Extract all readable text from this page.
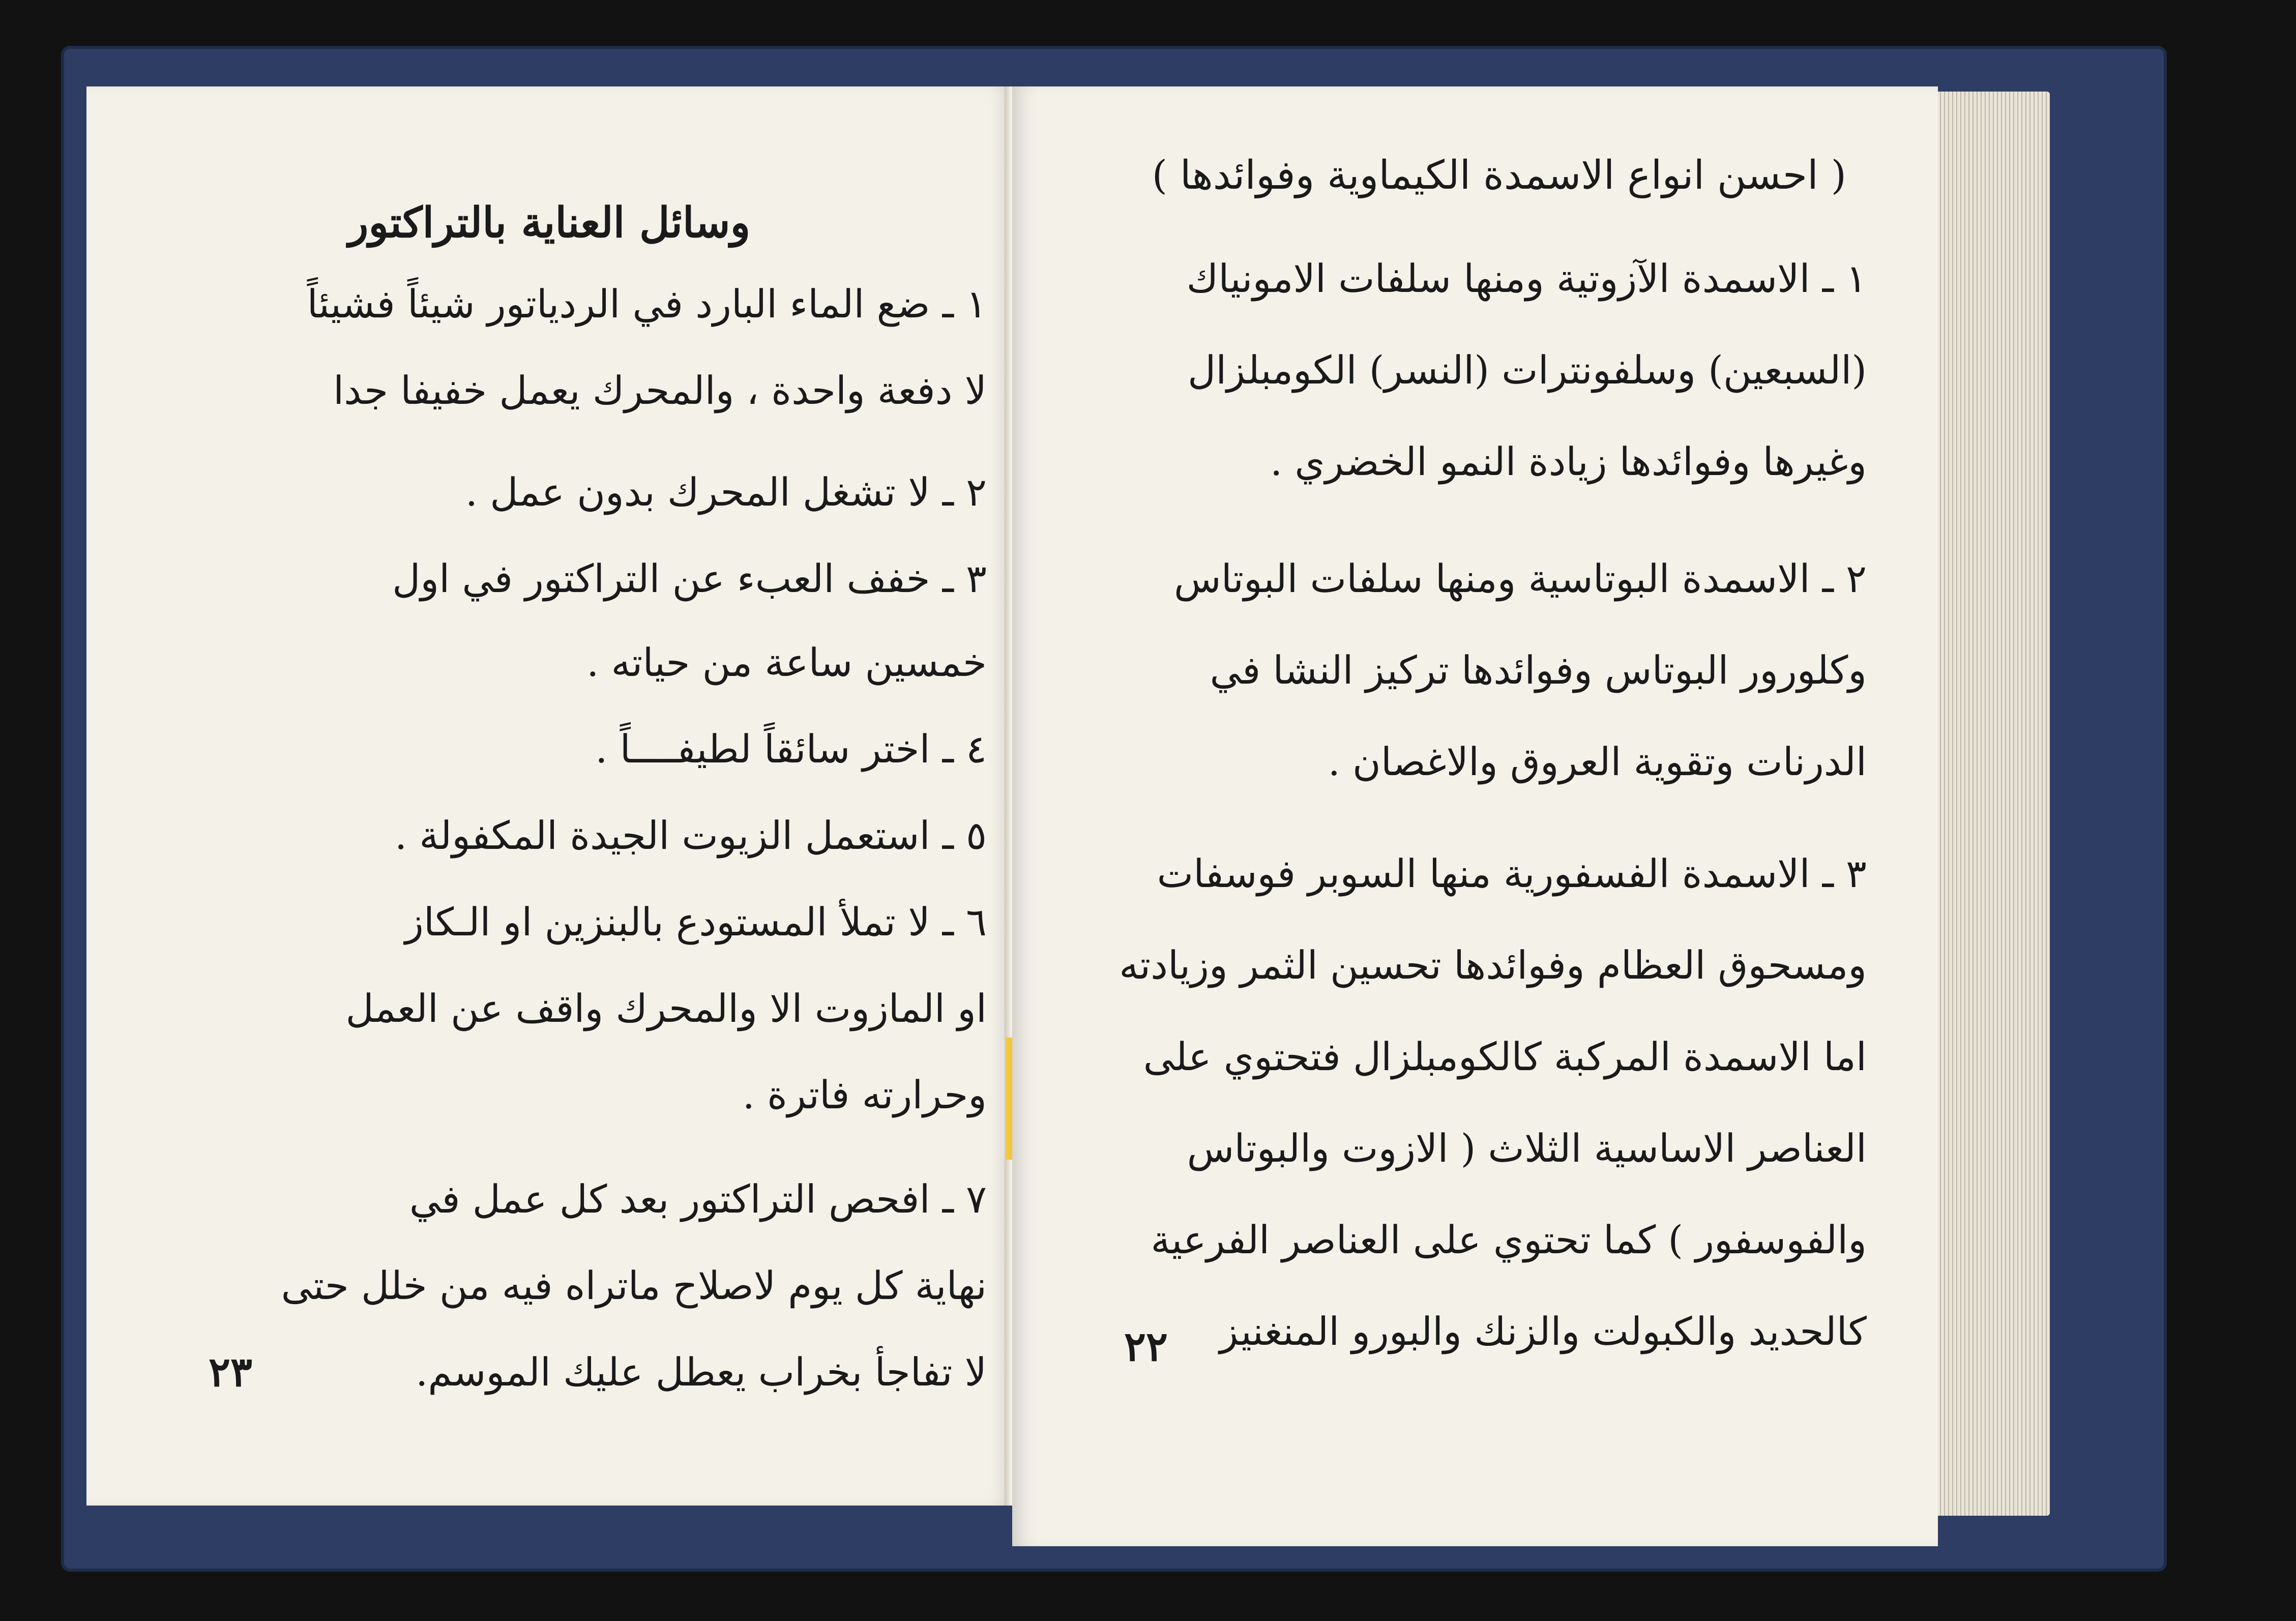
وسائل العناية بالتراكتور
١ ـ ضع الماء البارد في الردياتور شيئاً فشيئاً
لا دفعة واحدة ، والمحرك يعمل خفيفا جدا
٢ ـ لا تشغل المحرك بدون عمل .
٣ ـ خفف العبء عن التراكتور في اول
خمسين ساعة من حياته .
٤ ـ اختر سائقاً لطيفــــاً .
٥ ـ استعمل الزيوت الجيدة المكفولة .
٦ ـ لا تملأ المستودع بالبنزين او الـكاز
او المازوت الا والمحرك واقف عن العمل
وحرارته فاترة .
٧ ـ افحص التراكتور بعد كل عمل في
نهاية كل يوم لاصلاح ماتراه فيه من خلل حتى
لا تفاجأ بخراب يعطل عليك الموسم.
٢٣
( احسن انواع الاسمدة الكيماوية وفوائدها )
١ ـ الاسمدة الآزوتية ومنها سلفات الامونياك
(السبعين) وسلفونترات (النسر) الكومبلزال
وغيرها وفوائدها زيادة النمو الخضري .
٢ ـ الاسمدة البوتاسية ومنها سلفات البوتاس
وكلورور البوتاس وفوائدها تركيز النشا في
الدرنات وتقوية العروق والاغصان .
٣ ـ الاسمدة الفسفورية منها السوبر فوسفات
ومسحوق العظام وفوائدها تحسين الثمر وزيادته
اما الاسمدة المركبة كالكومبلزال فتحتوي على
العناصر الاساسية الثلاث ( الازوت والبوتاس
والفوسفور ) كما تحتوي على العناصر الفرعية
كالحديد والكبولت والزنك والبورو المنغنيز
٢٢
